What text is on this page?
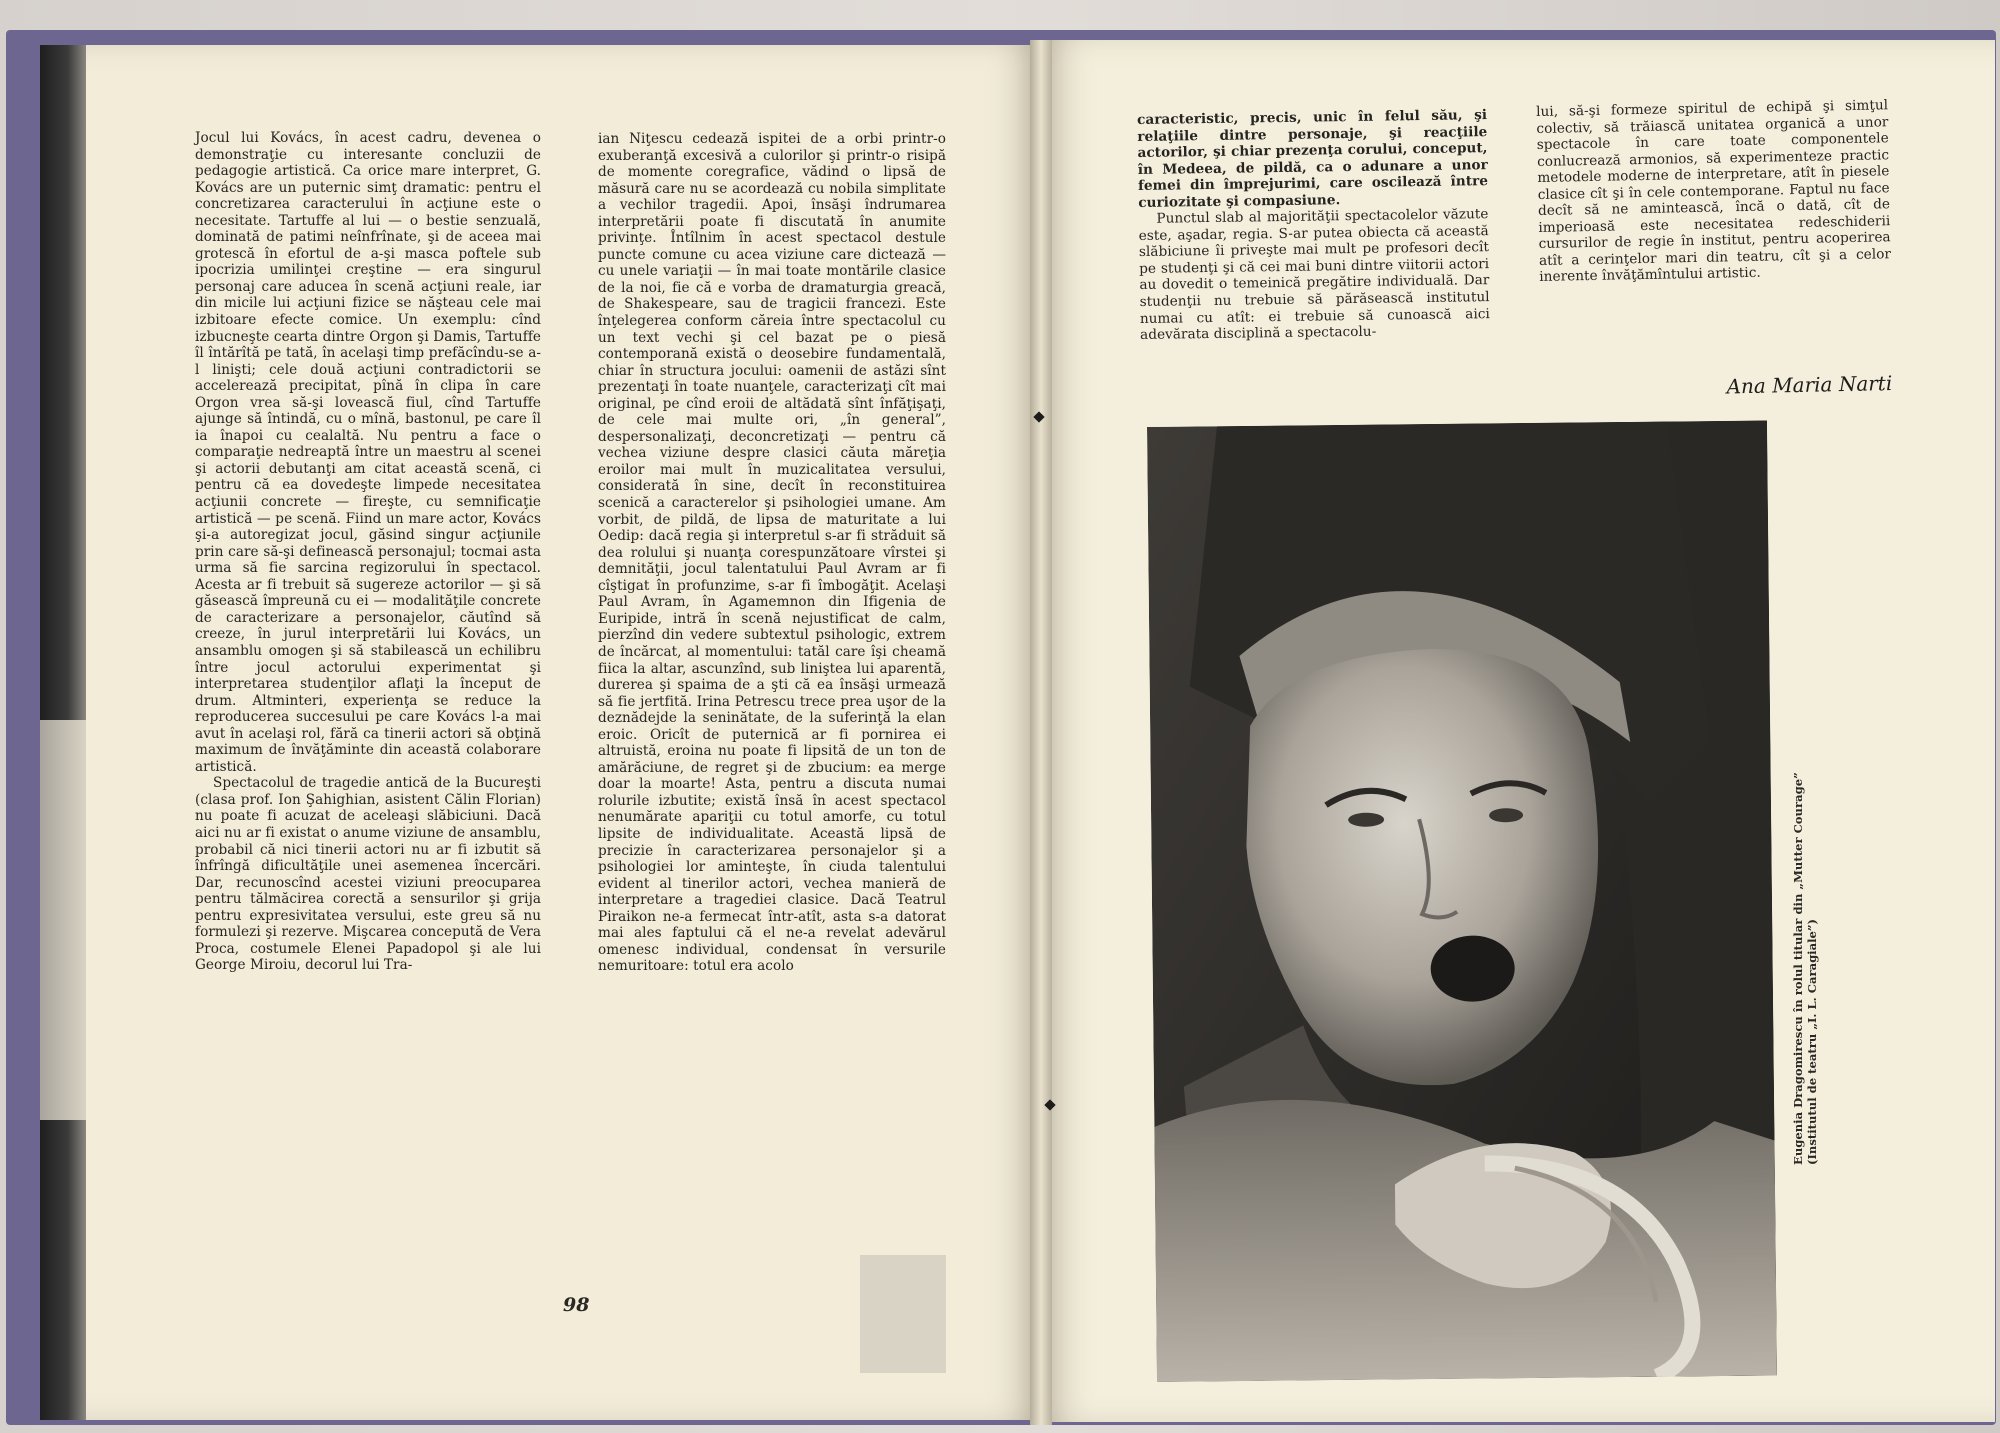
Jocul lui Kovács, în acest cadru, devenea o demonstraţie cu interesante concluzii de pedagogie artistică. Ca orice mare interpret, G. Kovács are un puternic simţ dramatic: pentru el concretizarea caracterului în acţiune este o necesitate. Tartuffe al lui — o bestie senzuală, dominată de patimi neînfrînate, şi de aceea mai grotescă în efortul de a-şi masca poftele sub ipocrizia umilinţei creştine — era singurul personaj care aducea în scenă acţiuni reale, iar din micile lui acţiuni fizice se năşteau cele mai izbitoare efecte comice. Un exemplu: cînd izbucneşte cearta dintre Orgon şi Damis, Tartuffe îl întărîtă pe tată, în acelaşi timp prefăcîndu-se a-l linişti; cele două acţiuni contradictorii se accelerează precipitat, pînă în clipa în care Orgon vrea să-şi lovească fiul, cînd Tartuffe ajunge să întindă, cu o mînă, bastonul, pe care îl ia înapoi cu cealaltă. Nu pentru a face o comparaţie nedreaptă între un maestru al scenei şi actorii debutanţi am citat această scenă, ci pentru că ea dovedeşte limpede necesitatea acţiunii concrete — fireşte, cu semnificaţie artistică — pe scenă. Fiind un mare actor, Kovács şi-a autoregizat jocul, găsind singur acţiunile prin care să-şi definească personajul; tocmai asta urma să fie sarcina regizorului în spectacol. Acesta ar fi trebuit să sugereze actorilor — şi să găsească împreună cu ei — modalităţile concrete de caracterizare a personajelor, căutînd să creeze, în jurul interpretării lui Kovács, un ansamblu omogen şi să stabilească un echilibru între jocul actorului experimentat şi interpretarea studenţilor aflaţi la început de drum. Altminteri, experienţa se reduce la reproducerea succesului pe care Kovács l-a mai avut în acelaşi rol, fără ca tinerii actori să obţină maximum de învăţăminte din această colaborare artistică.

Spectacolul de tragedie antică de la Bucureşti (clasa prof. Ion Şahighian, asistent Călin Florian) nu poate fi acuzat de aceleaşi slăbiciuni. Dacă aici nu ar fi existat o anume viziune de ansamblu, probabil că nici tinerii actori nu ar fi izbutit să înfrîngă dificultăţile unei asemenea încercări. Dar, recunoscînd acestei viziuni preocuparea pentru tălmăcirea corectă a sensurilor şi grija pentru expresivitatea versului, este greu să nu formulezi şi rezerve. Mişcarea concepută de Vera Proca, costumele Elenei Papadopol şi ale lui George Miroiu, decorul lui Tra-

ian Niţescu cedează ispitei de a orbi printr-o exuberanţă excesivă a culorilor şi printr-o risipă de momente coregrafice, vădind o lipsă de măsură care nu se acordează cu nobila simplitate a vechilor tragedii. Apoi, însăşi îndrumarea interpretării poate fi discutată în anumite privinţe. Întîlnim în acest spectacol destule puncte comune cu acea viziune care dictează — cu unele variaţii — în mai toate montările clasice de la noi, fie că e vorba de dramaturgia greacă, de Shakespeare, sau de tragicii francezi. Este înţelegerea conform căreia între spectacolul cu un text vechi şi cel bazat pe o piesă contemporană există o deosebire fundamentală, chiar în structura jocului: oamenii de astăzi sînt prezentaţi în toate nuanţele, caracterizaţi cît mai original, pe cînd eroii de altădată sînt înfăţişaţi, de cele mai multe ori, „în general”, despersonalizaţi, deconcretizaţi — pentru că vechea viziune despre clasici căuta măreţia eroilor mai mult în muzicalitatea versului, considerată în sine, decît în reconstituirea scenică a caracterelor şi psihologiei umane. Am vorbit, de pildă, de lipsa de maturitate a lui Oedip: dacă regia şi interpretul s-ar fi străduit să dea rolului şi nuanţa corespunzătoare vîrstei şi demnităţii, jocul talentatului Paul Avram ar fi cîştigat în profunzime, s-ar fi îmbogăţit. Acelaşi Paul Avram, în Agamemnon din Ifigenia de Euripide, intră în scenă nejustificat de calm, pierzînd din vedere subtextul psihologic, extrem de încărcat, al momentului: tatăl care îşi cheamă fiica la altar, ascunzînd, sub liniştea lui aparentă, durerea şi spaima de a şti că ea însăşi urmează să fie jertfită. Irina Petrescu trece prea uşor de la deznădejde la seninătate, de la suferinţă la elan eroic. Oricît de puternică ar fi pornirea ei altruistă, eroina nu poate fi lipsită de un ton de amărăciune, de regret şi de zbucium: ea merge doar la moarte! Asta, pentru a discuta numai rolurile izbutite; există însă în acest spectacol nenumărate apariţii cu totul amorfe, cu totul lipsite de individualitate. Această lipsă de precizie în caracterizarea personajelor şi a psihologiei lor aminteşte, în ciuda talentului evident al tinerilor actori, vechea manieră de interpretare a tragediei clasice. Dacă Teatrul Piraikon ne-a fermecat într-atît, asta s-a datorat mai ales faptului că el ne-a revelat adevărul omenesc individual, condensat în versurile nemuritoare: totul era acolo

98

caracteristic, precis, unic în felul său, şi relaţiile dintre personaje, şi reacţiile actorilor, şi chiar prezenţa corului, conceput, în Medeea, de pildă, ca o adunare a unor femei din împrejurimi, care oscilează între curiozitate şi compasiune.

Punctul slab al majorităţii spectacolelor văzute este, aşadar, regia. S-ar putea obiecta că această slăbiciune îi priveşte mai mult pe profesori decît pe studenţi şi că cei mai buni dintre viitorii actori au dovedit o temeinică pregătire individuală. Dar studenţii nu trebuie să părăsească institutul numai cu atît: ei trebuie să cunoască aici adevărata disciplină a spectacolu-

lui, să-şi formeze spiritul de echipă şi simţul colectiv, să trăiască unitatea organică a unor spectacole în care toate componentele conlucrează armonios, să experimenteze practic metodele moderne de interpretare, atît în piesele clasice cît şi în cele contemporane. Faptul nu face decît să ne amintească, încă o dată, cît de imperioasă este necesitatea redeschiderii cursurilor de regie în institut, pentru acoperirea atît a cerinţelor mari din teatru, cît şi a celor inerente învăţămîntului artistic.

Ana Maria Narti
Eugenia Dragomirescu în rolul titular din „Mutter Courage” (Institutul de teatru „I. L. Caragiale”)
